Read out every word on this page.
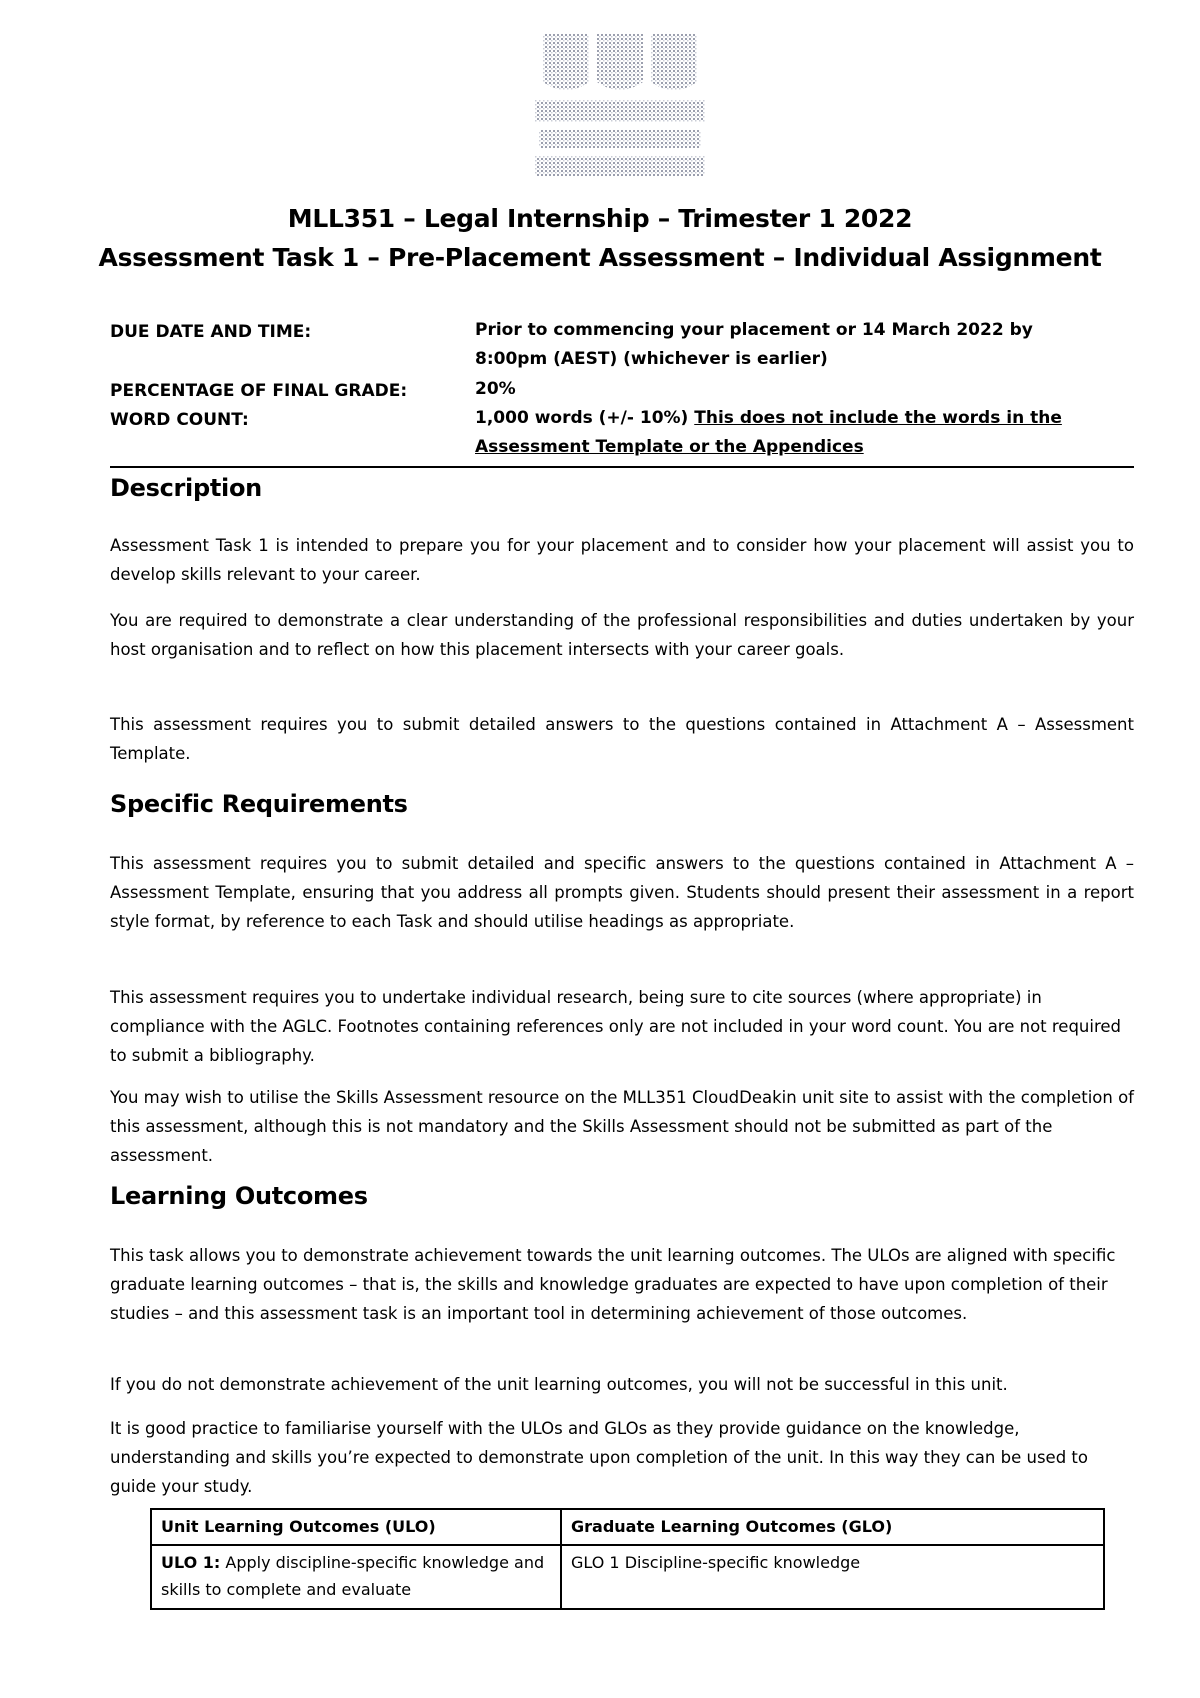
MLL351 – Legal Internship – Trimester 1 2022
Assessment Task 1 – Pre-Placement Assessment – Individual Assignment
DUE DATE AND TIME:	Prior to commencing your placement or 14 March 2022 by
8:00pm (AEST) (whichever is earlier)
PERCENTAGE OF FINAL GRADE:	20%
WORD COUNT:	1,000 words (+/- 10%) This does not include the words in the
Assessment Template or the Appendices
Description

Assessment Task 1 is intended to prepare you for your placement and to consider how your placement will assist you to develop skills relevant to your career.

You are required to demonstrate a clear understanding of the professional responsibilities and duties undertaken by your host organisation and to reflect on how this placement intersects with your career goals.

This assessment requires you to submit detailed answers to the questions contained in Attachment A – Assessment Template.

Specific Requirements

This assessment requires you to submit detailed and specific answers to the questions contained in Attachment A – Assessment Template, ensuring that you address all prompts given. Students should present their assessment in a report style format, by reference to each Task and should utilise headings as appropriate.

This assessment requires you to undertake individual research, being sure to cite sources (where appropriate) in compliance with the AGLC. Footnotes containing references only are not included in your word count. You are not required to submit a bibliography.

You may wish to utilise the Skills Assessment resource on the MLL351 CloudDeakin unit site to assist with the completion of this assessment, although this is not mandatory and the Skills Assessment should not be submitted as part of the assessment.

Learning Outcomes

This task allows you to demonstrate achievement towards the unit learning outcomes. The ULOs are aligned with specific graduate learning outcomes – that is, the skills and knowledge graduates are expected to have upon completion of their studies – and this assessment task is an important tool in determining achievement of those outcomes.

If you do not demonstrate achievement of the unit learning outcomes, you will not be successful in this unit.

It is good practice to familiarise yourself with the ULOs and GLOs as they provide guidance on the knowledge, understanding and skills you’re expected to demonstrate upon completion of the unit. In this way they can be used to guide your study.

Unit Learning Outcomes (ULO)	Graduate Learning Outcomes (GLO)
ULO 1: Apply discipline-specific knowledge and skills to complete and evaluate	GLO 1 Discipline-specific knowledge
